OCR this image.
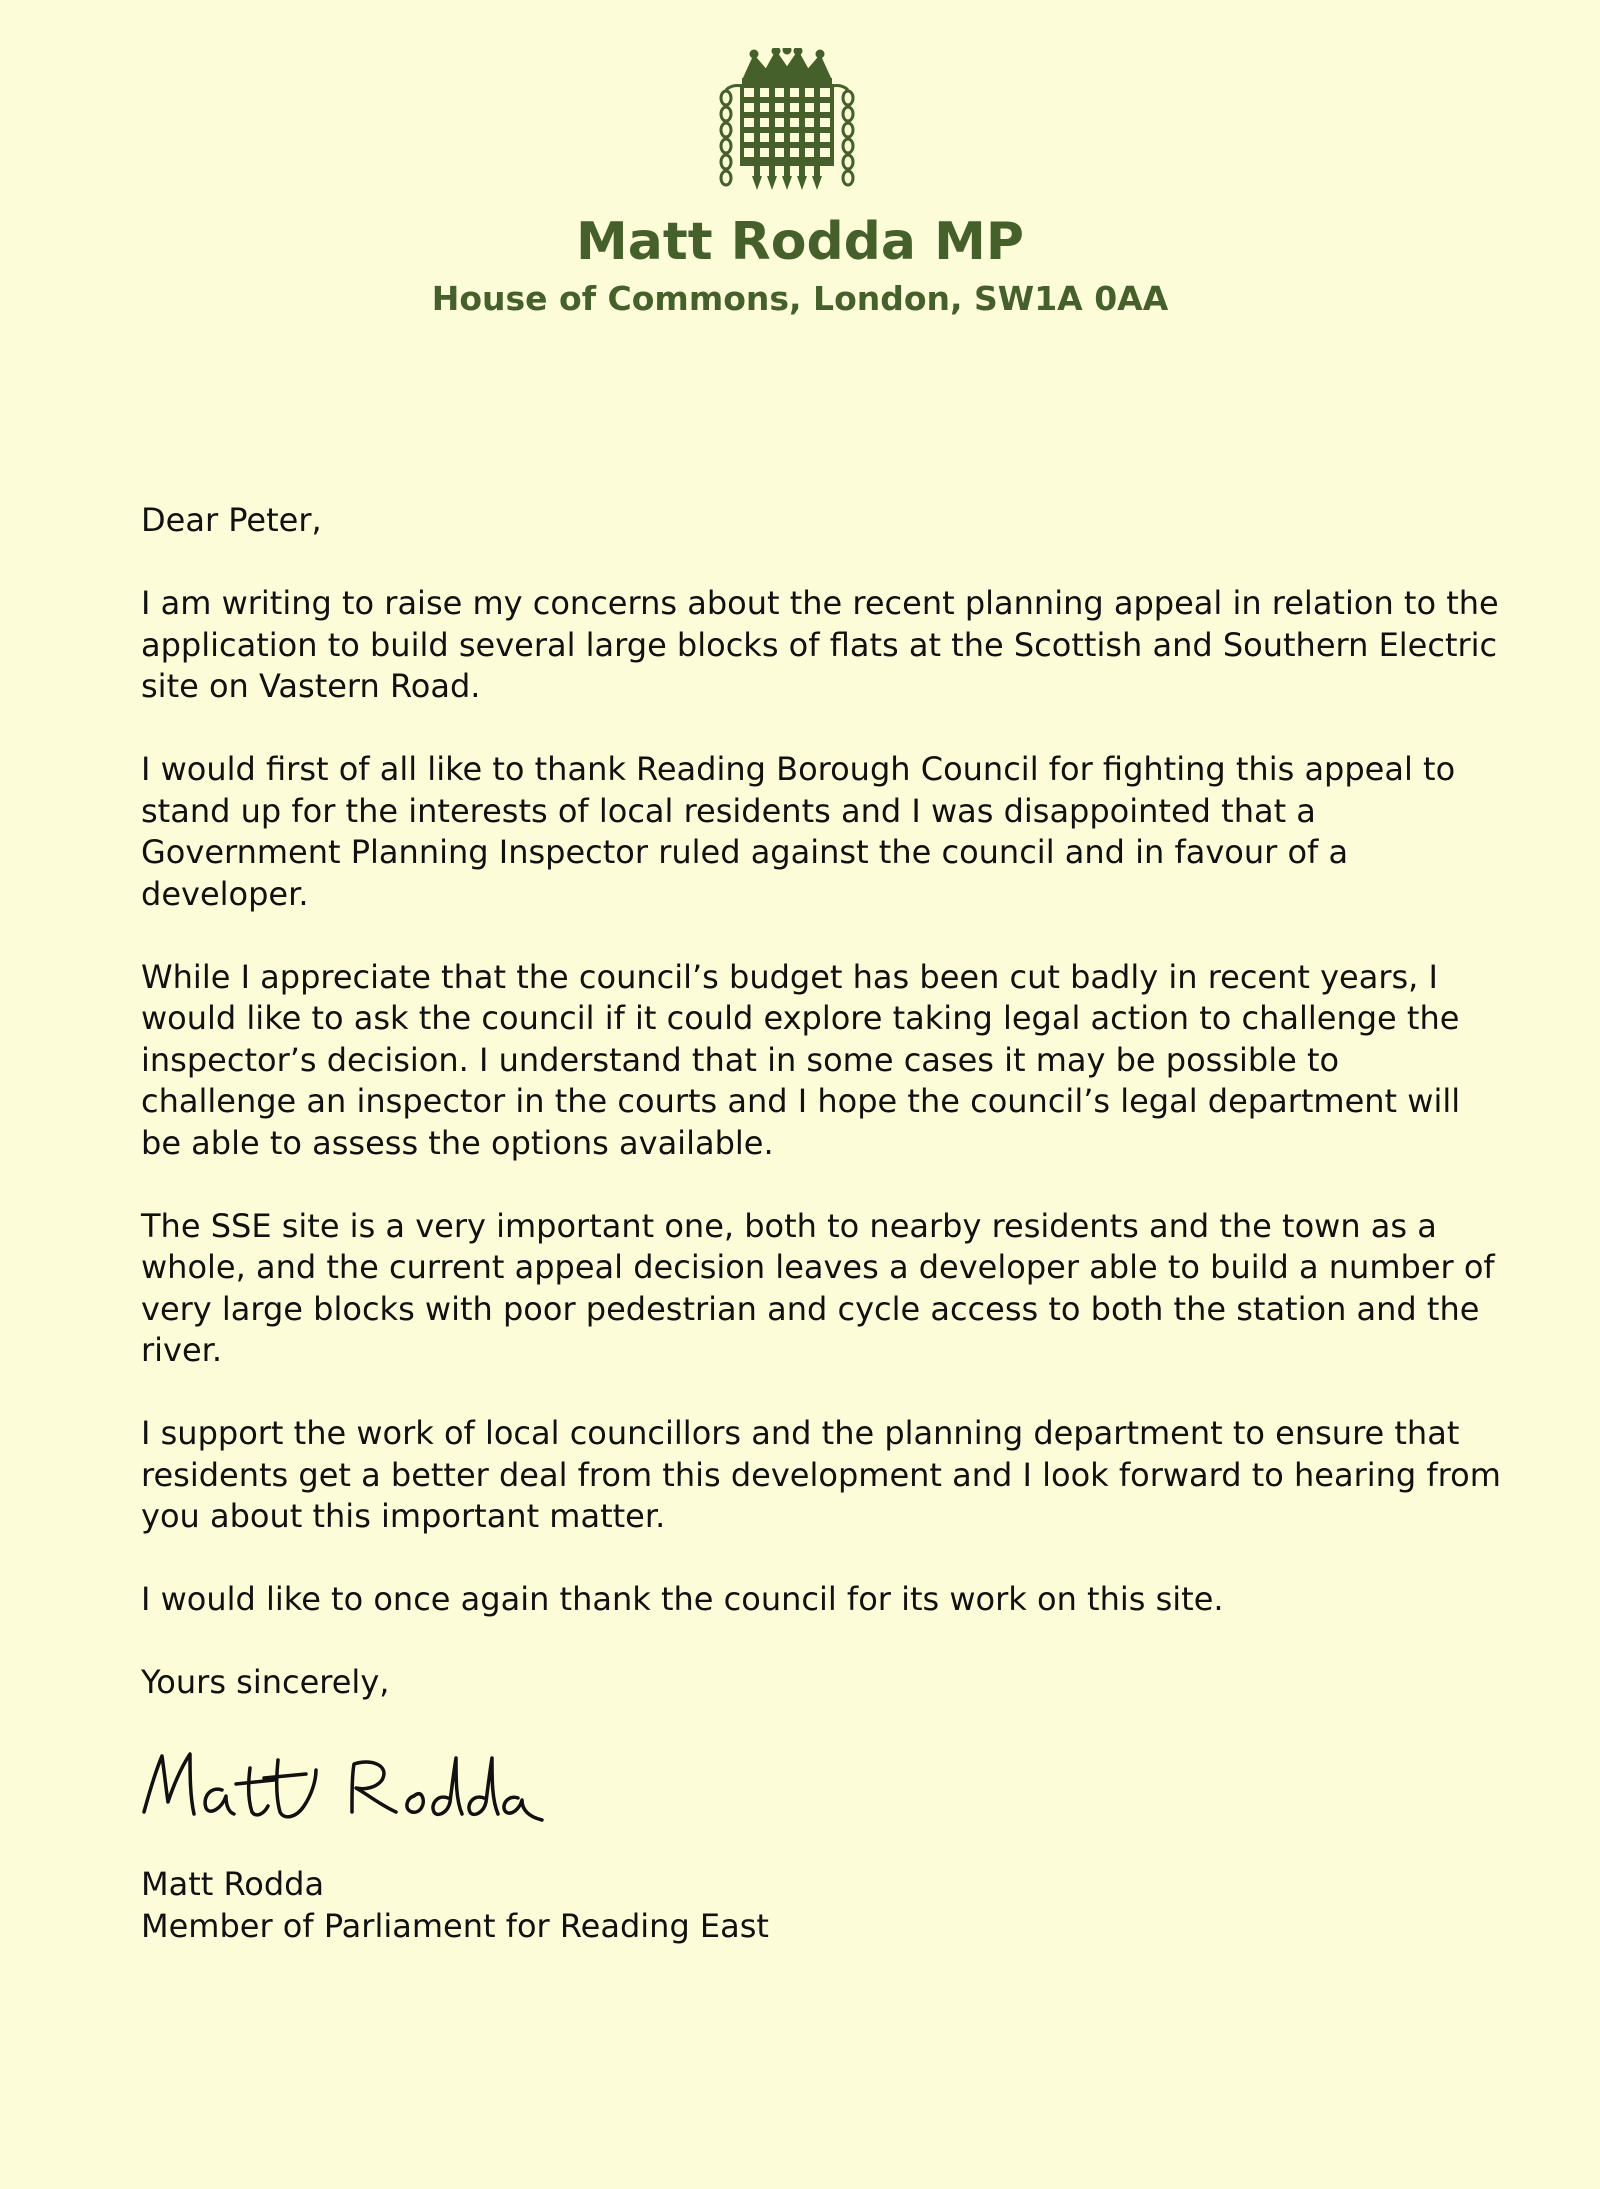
Matt Rodda MP
House of Commons, London, SW1A 0AA

Dear Peter,

I am writing to raise my concerns about the recent planning appeal in relation to the application to build several large blocks of flats at the Scottish and Southern Electric site on Vastern Road.

I would first of all like to thank Reading Borough Council for fighting this appeal to stand up for the interests of local residents and I was disappointed that a Government Planning Inspector ruled against the council and in favour of a developer.

While I appreciate that the council’s budget has been cut badly in recent years, I would like to ask the council if it could explore taking legal action to challenge the inspector’s decision. I understand that in some cases it may be possible to challenge an inspector in the courts and I hope the council’s legal department will be able to assess the options available.

The SSE site is a very important one, both to nearby residents and the town as a whole, and the current appeal decision leaves a developer able to build a number of very large blocks with poor pedestrian and cycle access to both the station and the river.

I support the work of local councillors and the planning department to ensure that residents get a better deal from this development and I look forward to hearing from you about this important matter.

I would like to once again thank the council for its work on this site.

Yours sincerely,

Matt Rodda
Member of Parliament for Reading East
